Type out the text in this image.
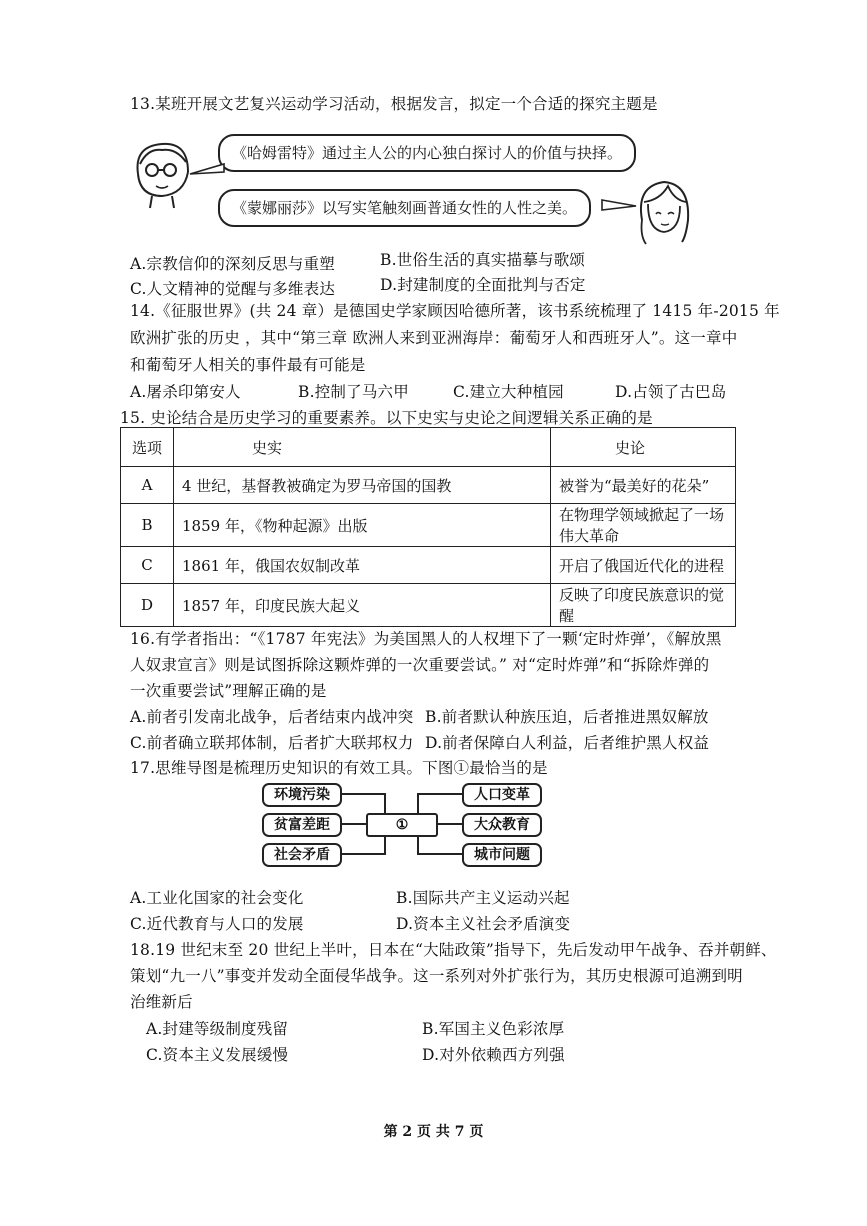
13.某班开展文艺复兴运动学习活动，根据发言，拟定一个合适的探究主题是
《哈姆雷特》通过主人公的内心独白探讨人的价值与抉择。
《蒙娜丽莎》以写实笔触刻画普通女性的人性之美。
A.宗教信仰的深刻反思与重塑	B.世俗生活的真实描摹与歌颂
C.人文精神的觉醒与多维表达	D.封建制度的全面批判与否定
14.《征服世界》(共 24 章）是德国史学家顾因哈德所著，该书系统梳理了 1415 年-2015 年
欧洲扩张的历史 ，其中“第三章 欧洲人来到亚洲海岸：葡萄牙人和西班牙人”。这一章中
和葡萄牙人相关的事件最有可能是
A.屠杀印第安人	B.控制了马六甲	C.建立大种植园	D.占领了古巴岛
15. 史论结合是历史学习的重要素养。以下史实与史论之间逻辑关系正确的是
选项	史实	史论
A	4 世纪，基督教被确定为罗马帝国的国教	被誉为“最美好的花朵”
B	1859 年，《物种起源》出版	在物理学领域掀起了一场伟大革命
C	1861 年，俄国农奴制改革	开启了俄国近代化的进程
D	1857 年，印度民族大起义	反映了印度民族意识的觉醒
16.有学者指出：“《1787 年宪法》为美国黑人的人权埋下了一颗‘定时炸弹’，《解放黑
人奴隶宣言》则是试图拆除这颗炸弹的一次重要尝试。” 对“定时炸弹”和“拆除炸弹的
一次重要尝试”理解正确的是
A.前者引发南北战争，后者结束内战冲突 B.前者默认种族压迫，后者推进黑奴解放
C.前者确立联邦体制，后者扩大联邦权力 D.前者保障白人利益，后者维护黑人权益
17.思维导图是梳理历史知识的有效工具。下图①最恰当的是
环境污染
贫富差距
社会矛盾
①
人口变革
大众教育
城市问题
A.工业化国家的社会变化	B.国际共产主义运动兴起
C.近代教育与人口的发展	D.资本主义社会矛盾演变
18.19 世纪末至 20 世纪上半叶，日本在“大陆政策”指导下，先后发动甲午战争、吞并朝鲜、
策划“九一八”事变并发动全面侵华战争。这一系列对外扩张行为，其历史根源可追溯到明
治维新后
A.封建等级制度残留	B.军国主义色彩浓厚
C.资本主义发展缓慢	D.对外依赖西方列强
第 2 页 共 7 页
